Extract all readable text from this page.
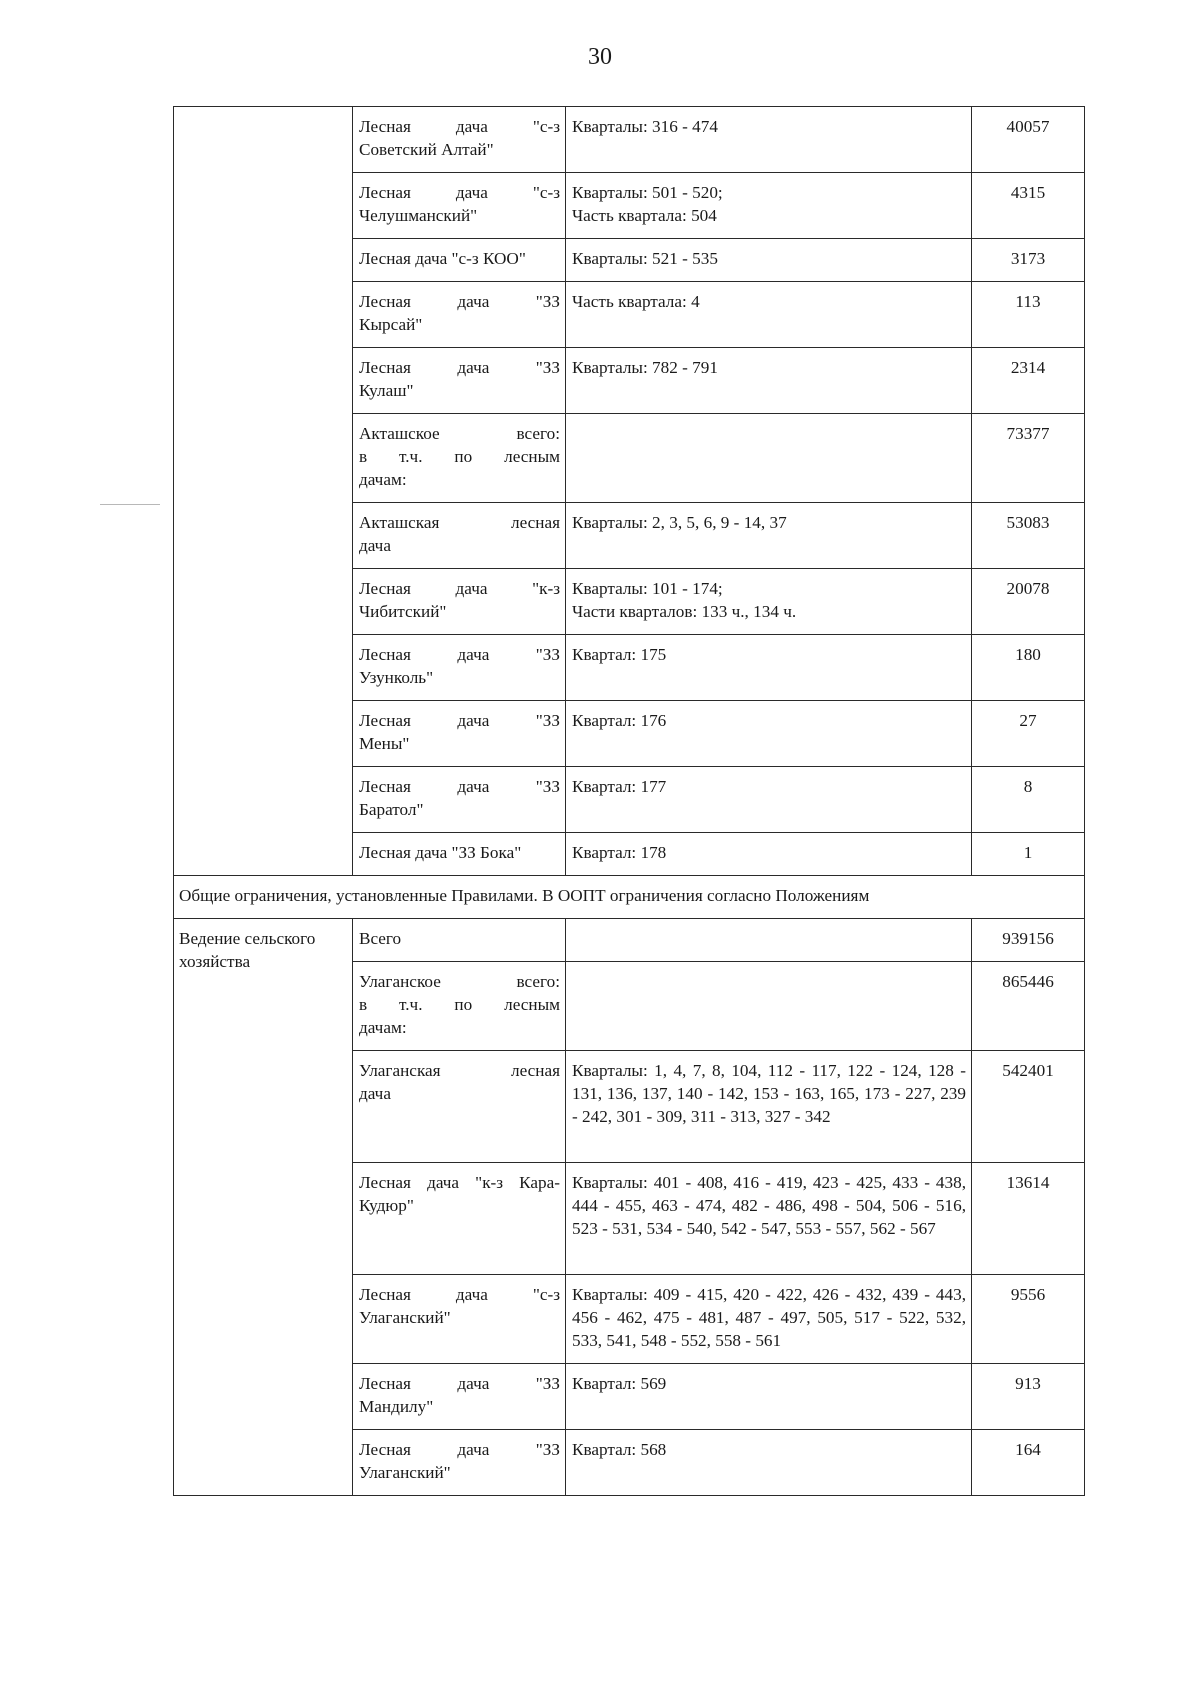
30

	Лесная дача "с-з
Советский Алтай"	Кварталы: 316 - 474	40057

	Лесная дача "с-з
Челушманский"	Кварталы: 501 - 520;
Часть квартала: 504	4315

	Лесная дача "с-з КОО"	Кварталы: 521 - 535	3173

	Лесная дача "ЗЗ
Кырсай"	Часть квартала: 4	113

	Лесная дача "ЗЗ
Кулаш"	Кварталы: 782 - 791	2314

	Акташское всего:
в т.ч. по лесным
дачам:		73377

	Акташская лесная
дача	Кварталы: 2, 3, 5, 6, 9 - 14, 37	53083

	Лесная дача "к-з
Чибитский"	Кварталы: 101 - 174;
Части кварталов: 133 ч., 134 ч.	20078

	Лесная дача "ЗЗ
Узунколь"	Квартал: 175	180

	Лесная дача "ЗЗ
Мены"	Квартал: 176	27

	Лесная дача "ЗЗ
Баратол"	Квартал: 177	8

	Лесная дача "ЗЗ Бока"	Квартал: 178	1
Общие ограничения, установленные Правилами. В ООПТ ограничения согласно Положениям			

Ведение сельского
хозяйства	Всего		939156

	Улаганское всего:
в т.ч. по лесным
дачам:		865446

	Улаганская лесная
дача	Кварталы: 1, 4, 7, 8, 104, 112 - 117, 122 - 124, 128 - 131, 136, 137, 140 - 142, 153 - 163, 165, 173 - 227, 239 - 242, 301 - 309, 311 - 313, 327 - 342	542401

	Лесная дача "к-з Кара-
Кудюр"	Кварталы: 401 - 408, 416 - 419, 423 - 425, 433 - 438, 444 - 455, 463 - 474, 482 - 486, 498 - 504, 506 - 516, 523 - 531, 534 - 540, 542 - 547, 553 - 557, 562 - 567	13614

	Лесная дача "с-з
Улаганский"	Кварталы: 409 - 415, 420 - 422, 426 - 432, 439 - 443, 456 - 462, 475 - 481, 487 - 497, 505, 517 - 522, 532, 533, 541, 548 - 552, 558 - 561	9556

	Лесная дача "ЗЗ
Мандилу"	Квартал: 569	913

	Лесная дача "ЗЗ
Улаганский"	Квартал: 568	164
